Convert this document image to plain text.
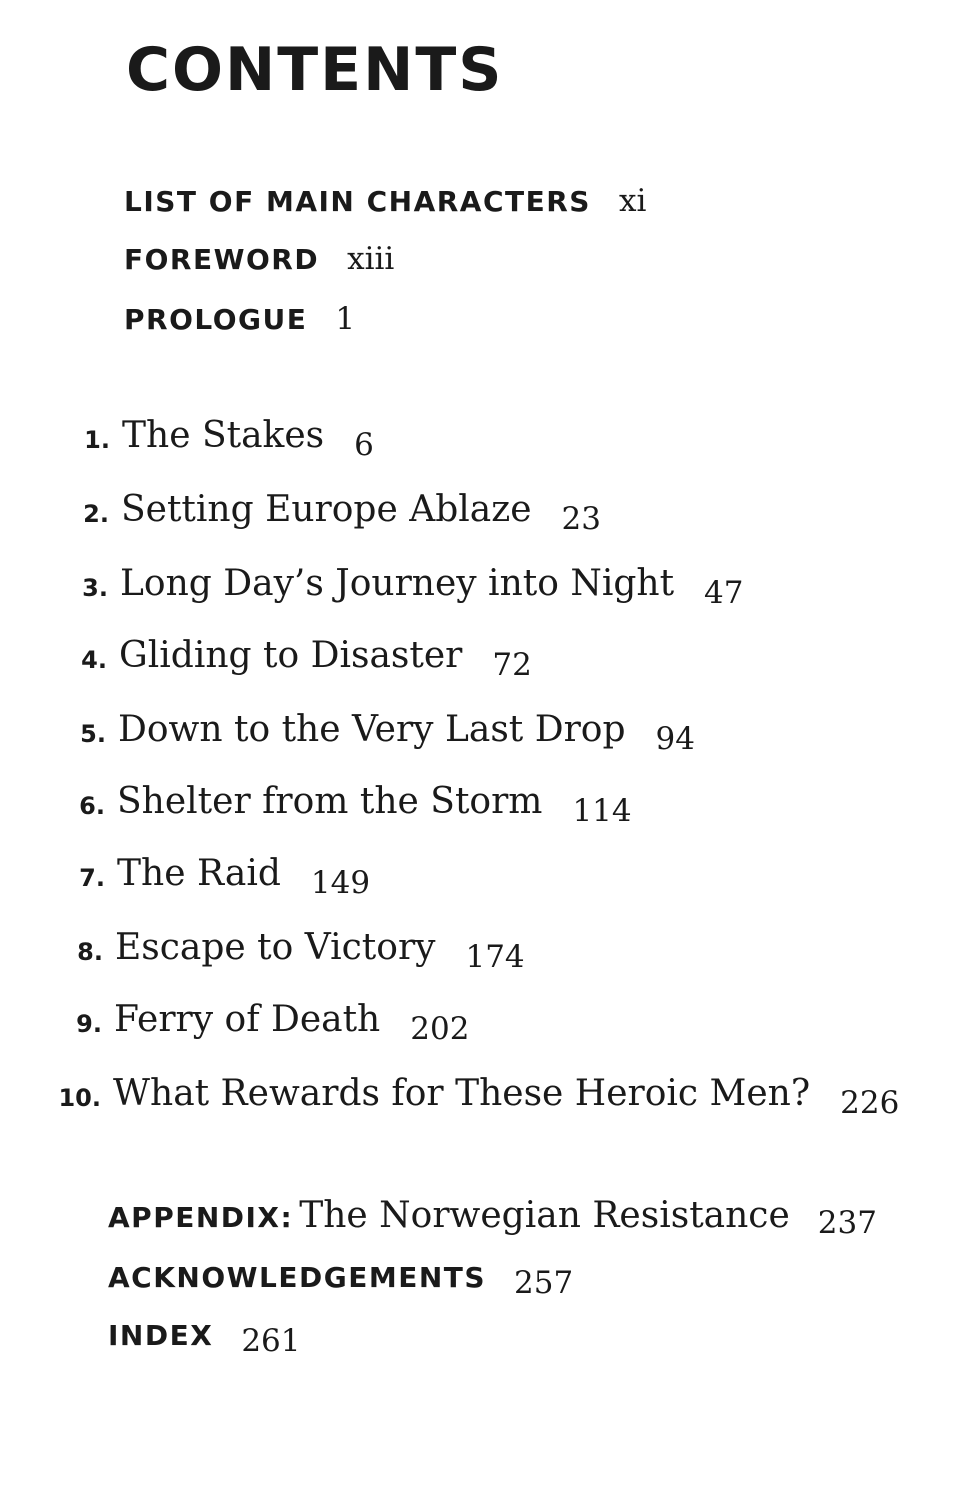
CONTENTS
LIST OF MAIN CHARACTERS xi
FOREWORD xiii
PROLOGUE 1
1. The Stakes 6
2. Setting Europe Ablaze 23
3. Long Day’s Journey into Night 47
4. Gliding to Disaster 72
5. Down to the Very Last Drop 94
6. Shelter from the Storm 114
7. The Raid 149
8. Escape to Victory 174
9. Ferry of Death 202
10. What Rewards for These Heroic Men? 226
APPENDIX: The Norwegian Resistance 237
ACKNOWLEDGEMENTS 257
INDEX 261
